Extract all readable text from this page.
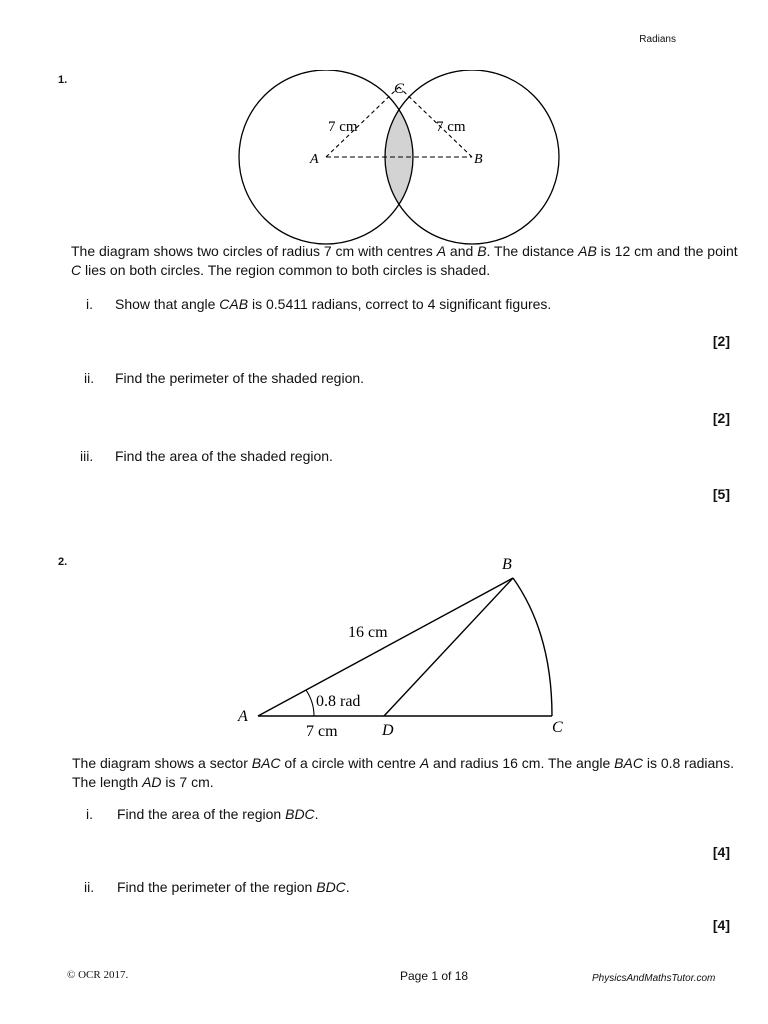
Radians
1.
C
A	B
7 cm	7 cm
The diagram shows two circles of radius 7 cm with centres A and B. The distance AB is 12 cm and the point C lies on both circles. The region common to both circles is shaded.
i.	Show that angle CAB is 0.5411 radians, correct to 4 significant figures.
[2]
ii.	Find the perimeter of the shaded region.
[2]
iii.	Find the area of the shaded region.
[5]
2.	B
A
D	C
16 cm
0.8 rad
7 cm
The diagram shows a sector BAC of a circle with centre A and radius 16 cm. The angle BAC is 0.8 radians. The length AD is 7 cm.
i.	Find the area of the region BDC.
[4]
ii.	Find the perimeter of the region BDC.
[4]
© OCR 2017.	Page 1 of 18	PhysicsAndMathsTutor.com
